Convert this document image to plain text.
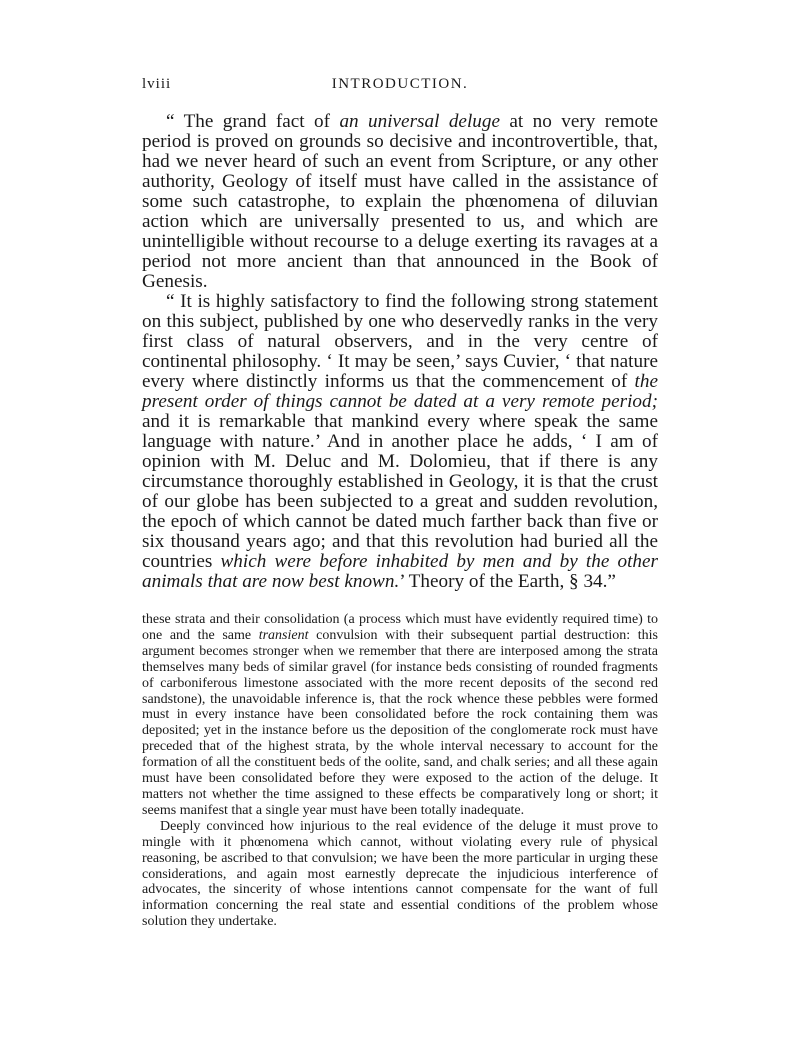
lviii	INTRODUCTION.

“ The grand fact of an universal deluge at no very remote period is proved on grounds so decisive and incontrovertible, that, had we never heard of such an event from Scripture, or any other authority, Geology of itself must have called in the assistance of some such catastrophe, to explain the phœnomena of diluvian action which are universally presented to us, and which are unintelligible without recourse to a deluge exerting its ravages at a period not more ancient than that announced in the Book of Genesis.

“ It is highly satisfactory to find the following strong statement on this subject, published by one who deservedly ranks in the very first class of natural observers, and in the very centre of continental philosophy. ‘ It may be seen,’ says Cuvier, ‘ that nature every where distinctly informs us that the commencement of the present order of things cannot be dated at a very remote period; and it is remarkable that mankind every where speak the same language with nature.’ And in another place he adds, ‘ I am of opinion with M. Deluc and M. Dolomieu, that if there is any circumstance thoroughly established in Geology, it is that the crust of our globe has been subjected to a great and sudden revolution, the epoch of which cannot be dated much farther back than five or six thousand years ago; and that this revolution had buried all the countries which were before inhabited by men and by the other animals that are now best known.’ Theory of the Earth, § 34.”

these strata and their consolidation (a process which must have evidently required time) to one and the same transient convulsion with their subsequent partial destruction: this argument becomes stronger when we remember that there are interposed among the strata themselves many beds of similar gravel (for instance beds consisting of rounded fragments of carboniferous limestone associated with the more recent deposits of the second red sandstone), the unavoidable inference is, that the rock whence these pebbles were formed must in every instance have been consolidated before the rock containing them was deposited; yet in the instance before us the deposition of the conglomerate rock must have preceded that of the highest strata, by the whole interval necessary to account for the formation of all the constituent beds of the oolite, sand, and chalk series; and all these again must have been consolidated before they were exposed to the action of the deluge. It matters not whether the time assigned to these effects be comparatively long or short; it seems manifest that a single year must have been totally inadequate.

Deeply convinced how injurious to the real evidence of the deluge it must prove to mingle with it phœnomena which cannot, without violating every rule of physical reasoning, be ascribed to that convulsion; we have been the more particular in urging these considerations, and again most earnestly deprecate the injudicious interference of advocates, the sincerity of whose intentions cannot compensate for the want of full information concerning the real state and essential conditions of the problem whose solution they undertake.
